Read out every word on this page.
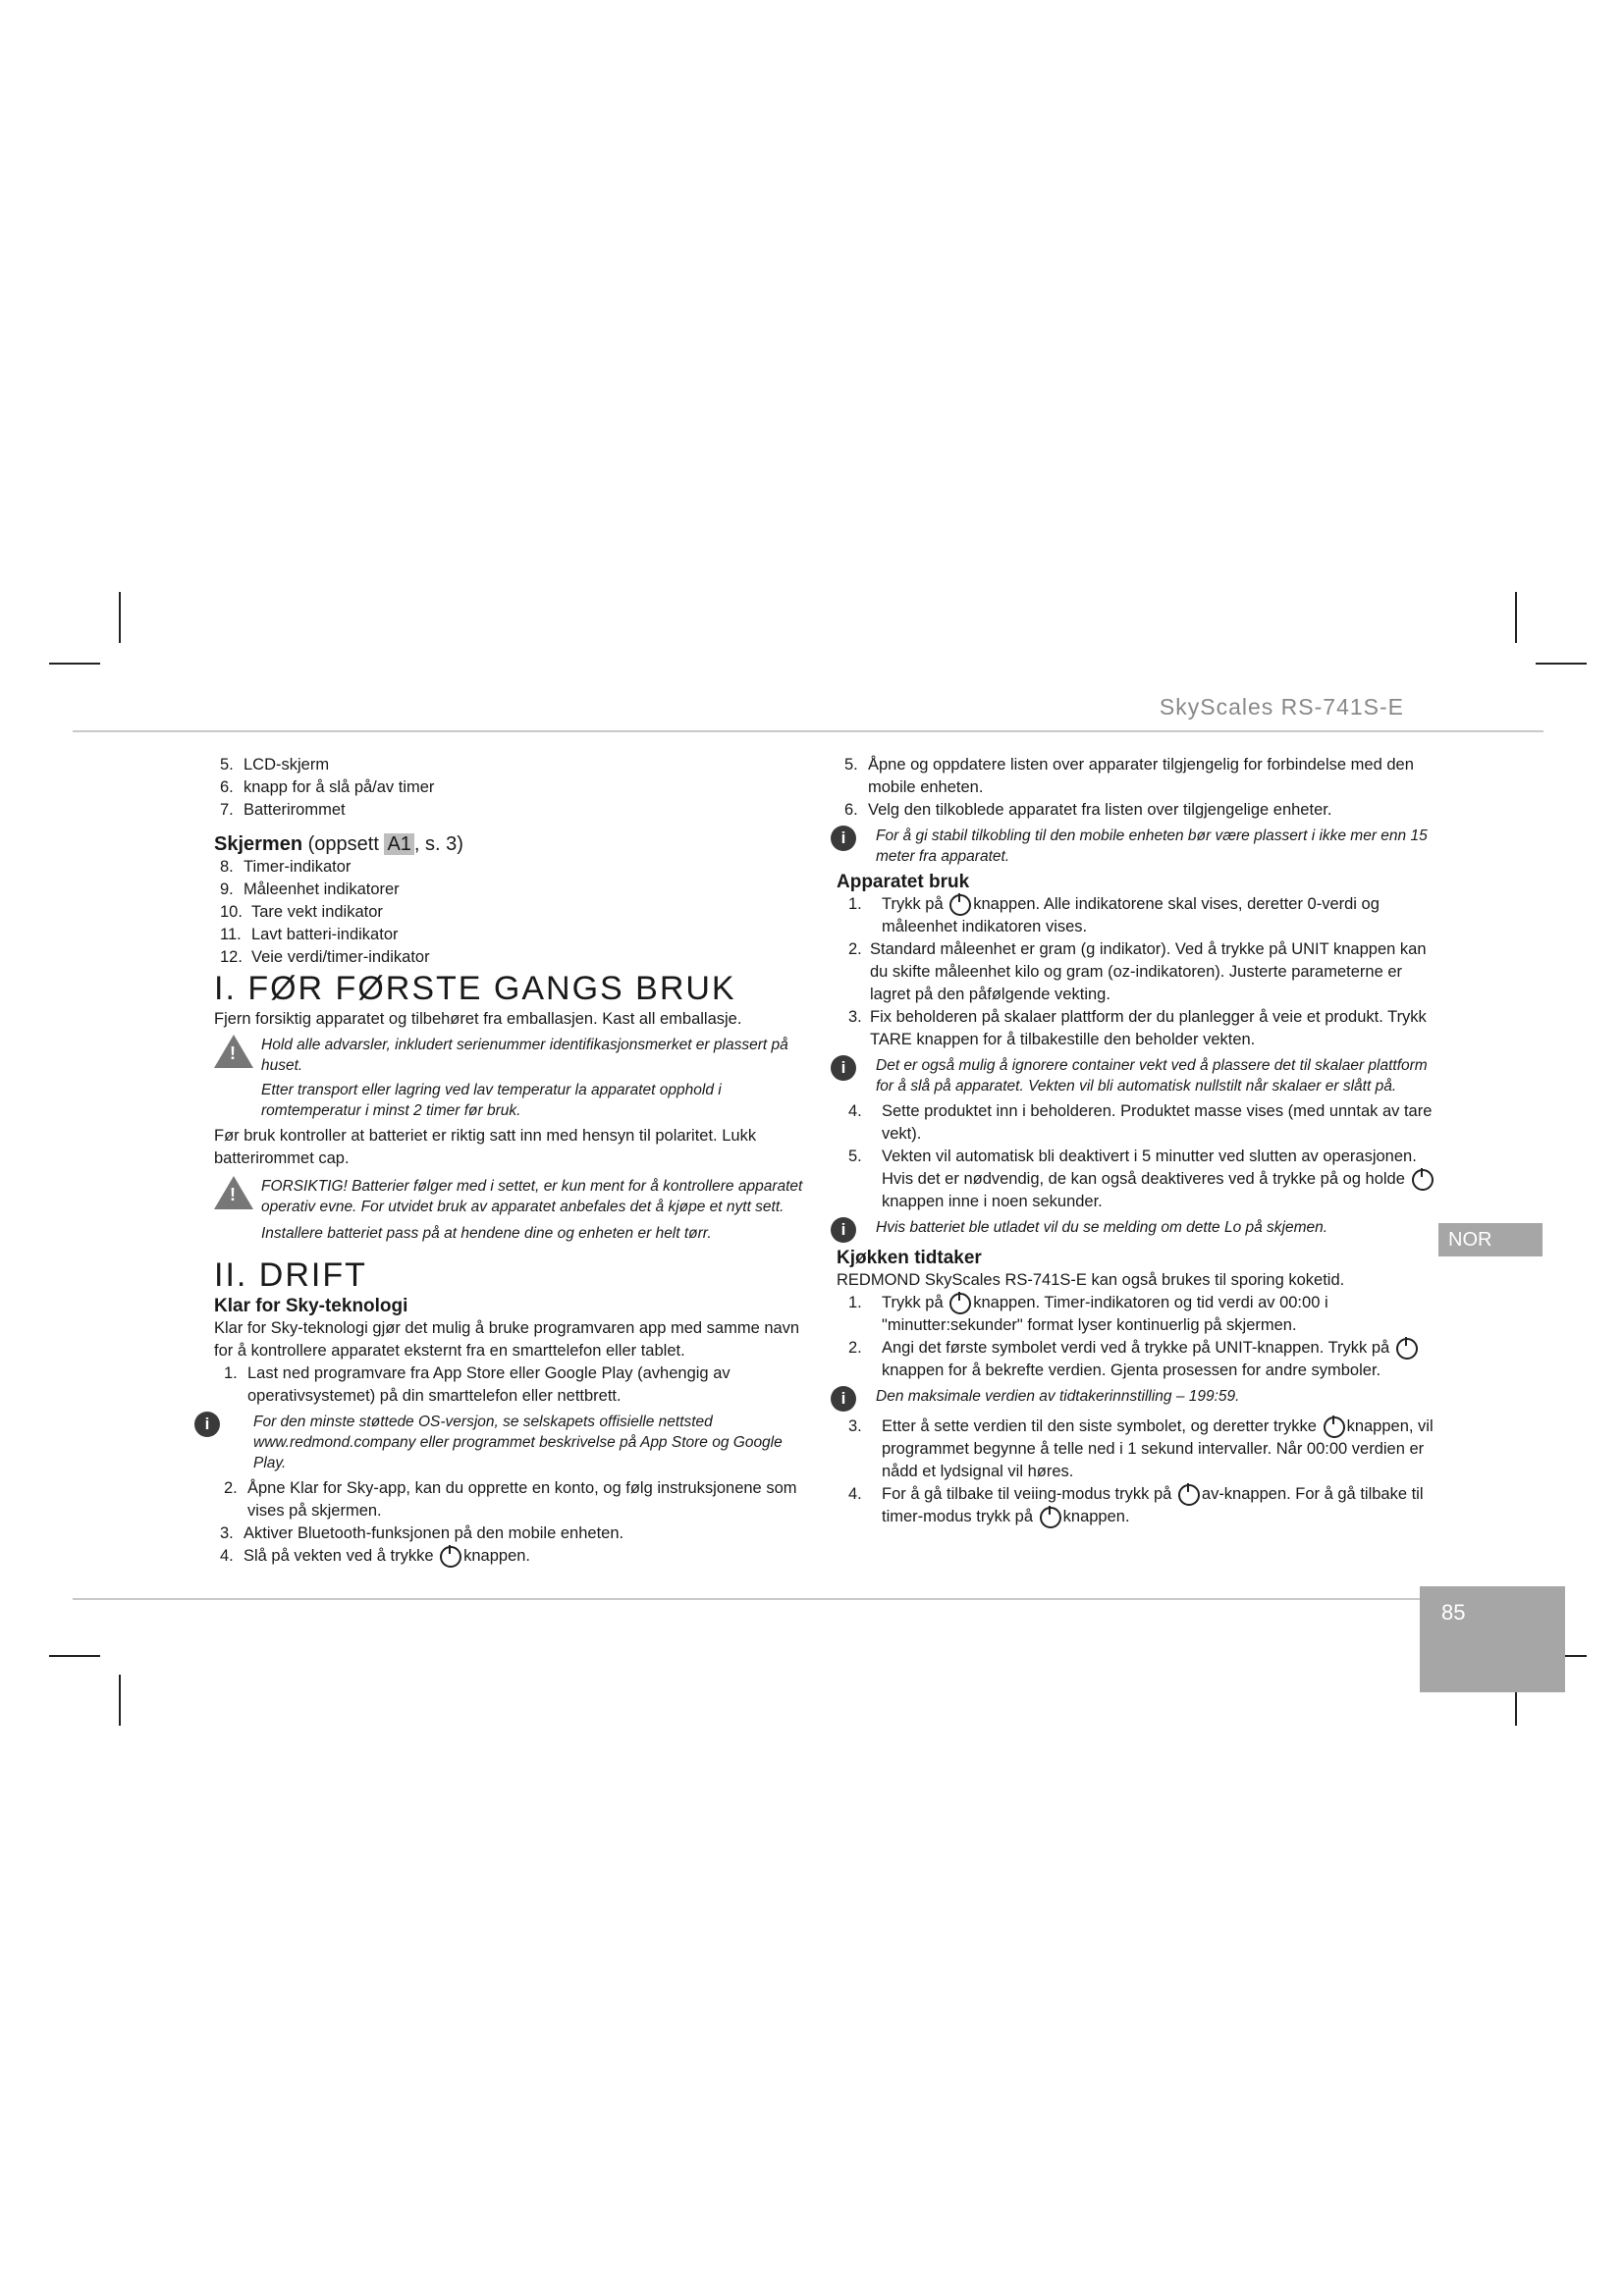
SkyScales RS-741S-E
5. LCD-skjerm
6. knapp for å slå på/av timer
7. Batterirommet

Skjermen (oppsett A1 , s. 3)

8. Timer-indikator
9. Måleenhet indikatorer
10. Tare vekt indikator
11. Lavt batteri-indikator
12. Veie verdi/timer-indikator

I. FØR FØRSTE GANGS BRUK

Fjern forsiktig apparatet og tilbehøret fra emballasjen. Kast all emballasje.

!

Hold alle advarsler, inkludert serienummer identifikasjonsmerket er plassert på huset.

Etter transport eller lagring ved lav temperatur la apparatet opphold i romtemperatur i minst 2 timer før bruk.

Før bruk kontroller at batteriet er riktig satt inn med hensyn til polaritet. Lukk batterirommet cap.

!

FORSIKTIG! Batterier følger med i settet, er kun ment for å kontrollere apparatet operativ evne. For utvidet bruk av apparatet anbefales det å kjøpe et nytt sett.

Installere batteriet pass på at hendene dine og enheten er helt tørr.

II. DRIFT

Klar for Sky-teknologi

Klar for Sky-teknologi gjør det mulig å bruke programvaren app med samme navn for å kontrollere apparatet eksternt fra en smarttelefon eller tablet.

1. Last ned programvare fra App Store eller Google Play (avhengig av operativsystemet) på din smarttelefon eller nettbrett.
i	For den minste støttede OS-versjon, se selskapets offisielle nettsted www.redmond.company eller programmet beskrivelse på App Store og Google Play.

2. Åpne Klar for Sky-app, kan du opprette en konto, og følg instruksjonene som vises på skjermen.
3. Aktiver Bluetooth-funksjonen på den mobile enheten.
4. Slå på vekten ved å trykke knappen.
5. Åpne og oppdatere listen over apparater tilgjengelig for forbindelse med den mobile enheten.
6. Velg den tilkoblede apparatet fra listen over tilgjengelige enheter.
i	For å gi stabil tilkobling til den mobile enheten bør være plassert i ikke mer enn 15 meter fra apparatet.

Apparatet bruk

1.	Trykk på knappen. Alle indikatorene skal vises, deretter 0-verdi og måleenhet indikatoren vises.
2. Standard måleenhet er gram (g indikator). Ved å trykke på UNIT knappen kan du skifte måleenhet kilo og gram (oz-indikatoren). Justerte parameterne er lagret på den påfølgende vekting.
3. Fix beholderen på skalaer plattform der du planlegger å veie et produkt. Trykk TARE knappen for å tilbakestille den beholder vekten.
i	Det er også mulig å ignorere container vekt ved å plassere det til skalaer plattform for å slå på apparatet. Vekten vil bli automatisk nullstilt når skalaer er slått på.

4.	Sette produktet inn i beholderen. Produktet masse vises (med unntak av tare vekt).
5.	Vekten vil automatisk bli deaktivert i 5 minutter ved slutten av operasjonen. Hvis det er nødvendig, de kan også deaktiveres ved å trykke på og holde knappen inne i noen sekunder.
i	Hvis batteriet ble utladet vil du se melding om dette Lo på skjemen.

Kjøkken tidtaker

REDMOND SkyScales RS-741S-E kan også brukes til sporing koketid.

1.	Trykk på knappen. Timer-indikatoren og tid verdi av 00:00 i "minutter:sekunder" format lyser kontinuerlig på skjermen.
2.	Angi det første symbolet verdi ved å trykke på UNIT-knappen. Trykk på knappen for å bekrefte verdien. Gjenta prosessen for andre symboler.
i	Den maksimale verdien av tidtakerinnstilling – 199:59.

3.	Etter å sette verdien til den siste symbolet, og deretter trykke knappen, vil programmet begynne å telle ned i 1 sekund intervaller. Når 00:00 verdien er nådd et lydsignal vil høres.
4.	For å gå tilbake til veiing-modus trykk på av-knappen. For å gå tilbake til timer-modus trykk på knappen.
NOR
85
